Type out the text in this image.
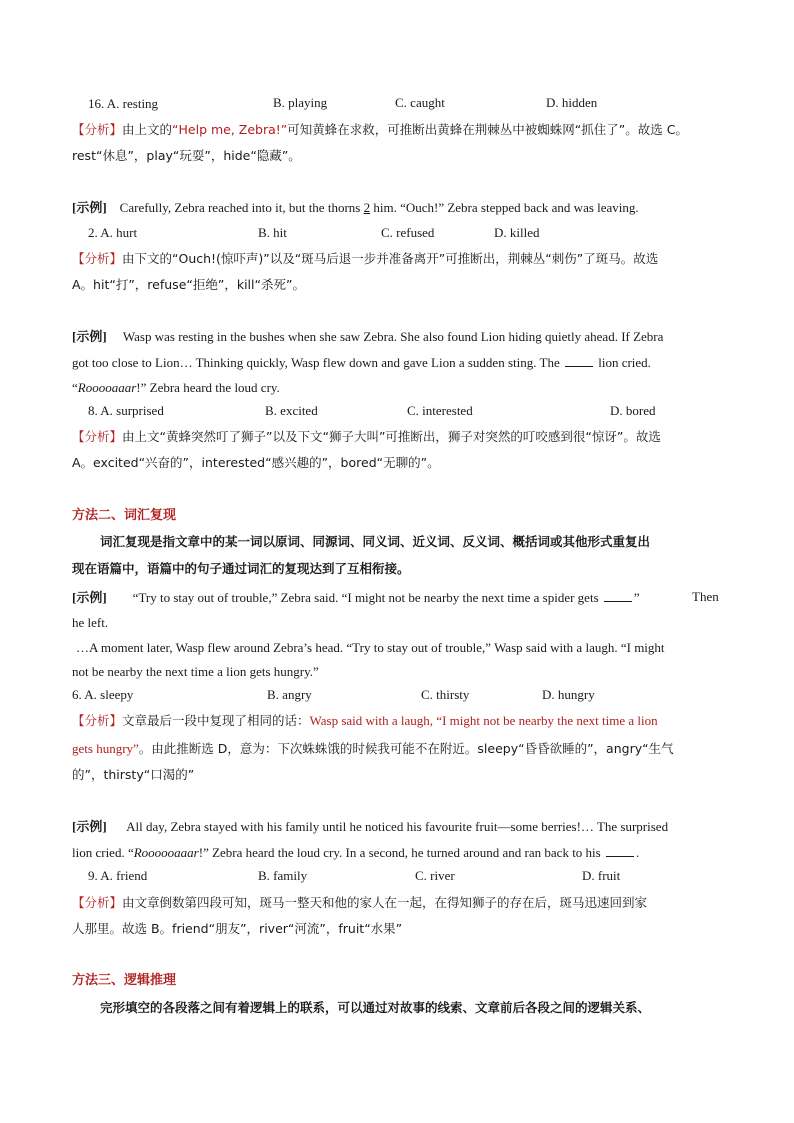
16. A. resting	B. playing	C. caught	D. hidden
【分析】由上文的“Help me, Zebra!”可知黄蜂在求救，可推断出黄蜂在荆棘丛中被蜘蛛网“抓住了”。故选 C。
rest“休息”，play“玩耍”，hide“隐藏”。
[示例] Carefully, Zebra reached into it, but the thorns 2 him. “Ouch!” Zebra stepped back and was leaving.
2. A. hurt	B. hit	C. refused	D. killed
【分析】由下文的“Ouch!(惊吓声)”以及“斑马后退一步并准备离开”可推断出，荆棘丛“刺伤”了斑马。故选
A。hit“打”，refuse“拒绝”，kill“杀死”。
[示例] Wasp was resting in the bushes when she saw Zebra. She also found Lion hiding quietly ahead. If Zebra
got too close to Lion… Thinking quickly, Wasp flew down and gave Lion a sudden sting. The	lion cried.
“Rooooaaar!” Zebra heard the loud cry.
8. A. surprised	B. excited	C. interested	D. bored
【分析】由上文“黄蜂突然叮了狮子”以及下文“狮子大叫”可推断出，狮子对突然的叮咬感到很“惊讶”。故选
A。excited“兴奋的”，interested“感兴趣的”，bored“无聊的”。
方法二、词汇复现
词汇复现是指文章中的某一词以原词、同源词、同义词、近义词、反义词、概括词或其他形式重复出
现在语篇中，语篇中的句子通过词汇的复现达到了互相衔接。
[示例] “Try to stay out of trouble,” Zebra said. “I might not be nearby the next time a spider gets	”	Then
he left.
…A moment later, Wasp flew around Zebra’s head. “Try to stay out of trouble,” Wasp said with a laugh. “I might
not be nearby the next time a lion gets hungry.”
6. A. sleepy	B. angry	C. thirsty	D. hungry
【分析】文章最后一段中复现了相同的话：Wasp said with a laugh, “I might not be nearby the next time a lion
gets hungry”。由此推断选 D，意为：下次蛛蛛饿的时候我可能不在附近。sleepy“昏昏欲睡的”，angry“生气
的”，thirsty“口渴的”
[示例] All day, Zebra stayed with his family until he noticed his favourite fruit—some berries!… The surprised
lion cried. “Roooooaaar!” Zebra heard the loud cry. In a second, he turned around and ran back to his	.
9. A. friend	B. family	C. river	D. fruit
【分析】由文章倒数第四段可知，斑马一整天和他的家人在一起，在得知狮子的存在后，斑马迅速回到家
人那里。故选 B。friend“朋友”，river“河流”，fruit“水果”
方法三、逻辑推理
完形填空的各段落之间有着逻辑上的联系，可以通过对故事的线索、文章前后各段之间的逻辑关系、
